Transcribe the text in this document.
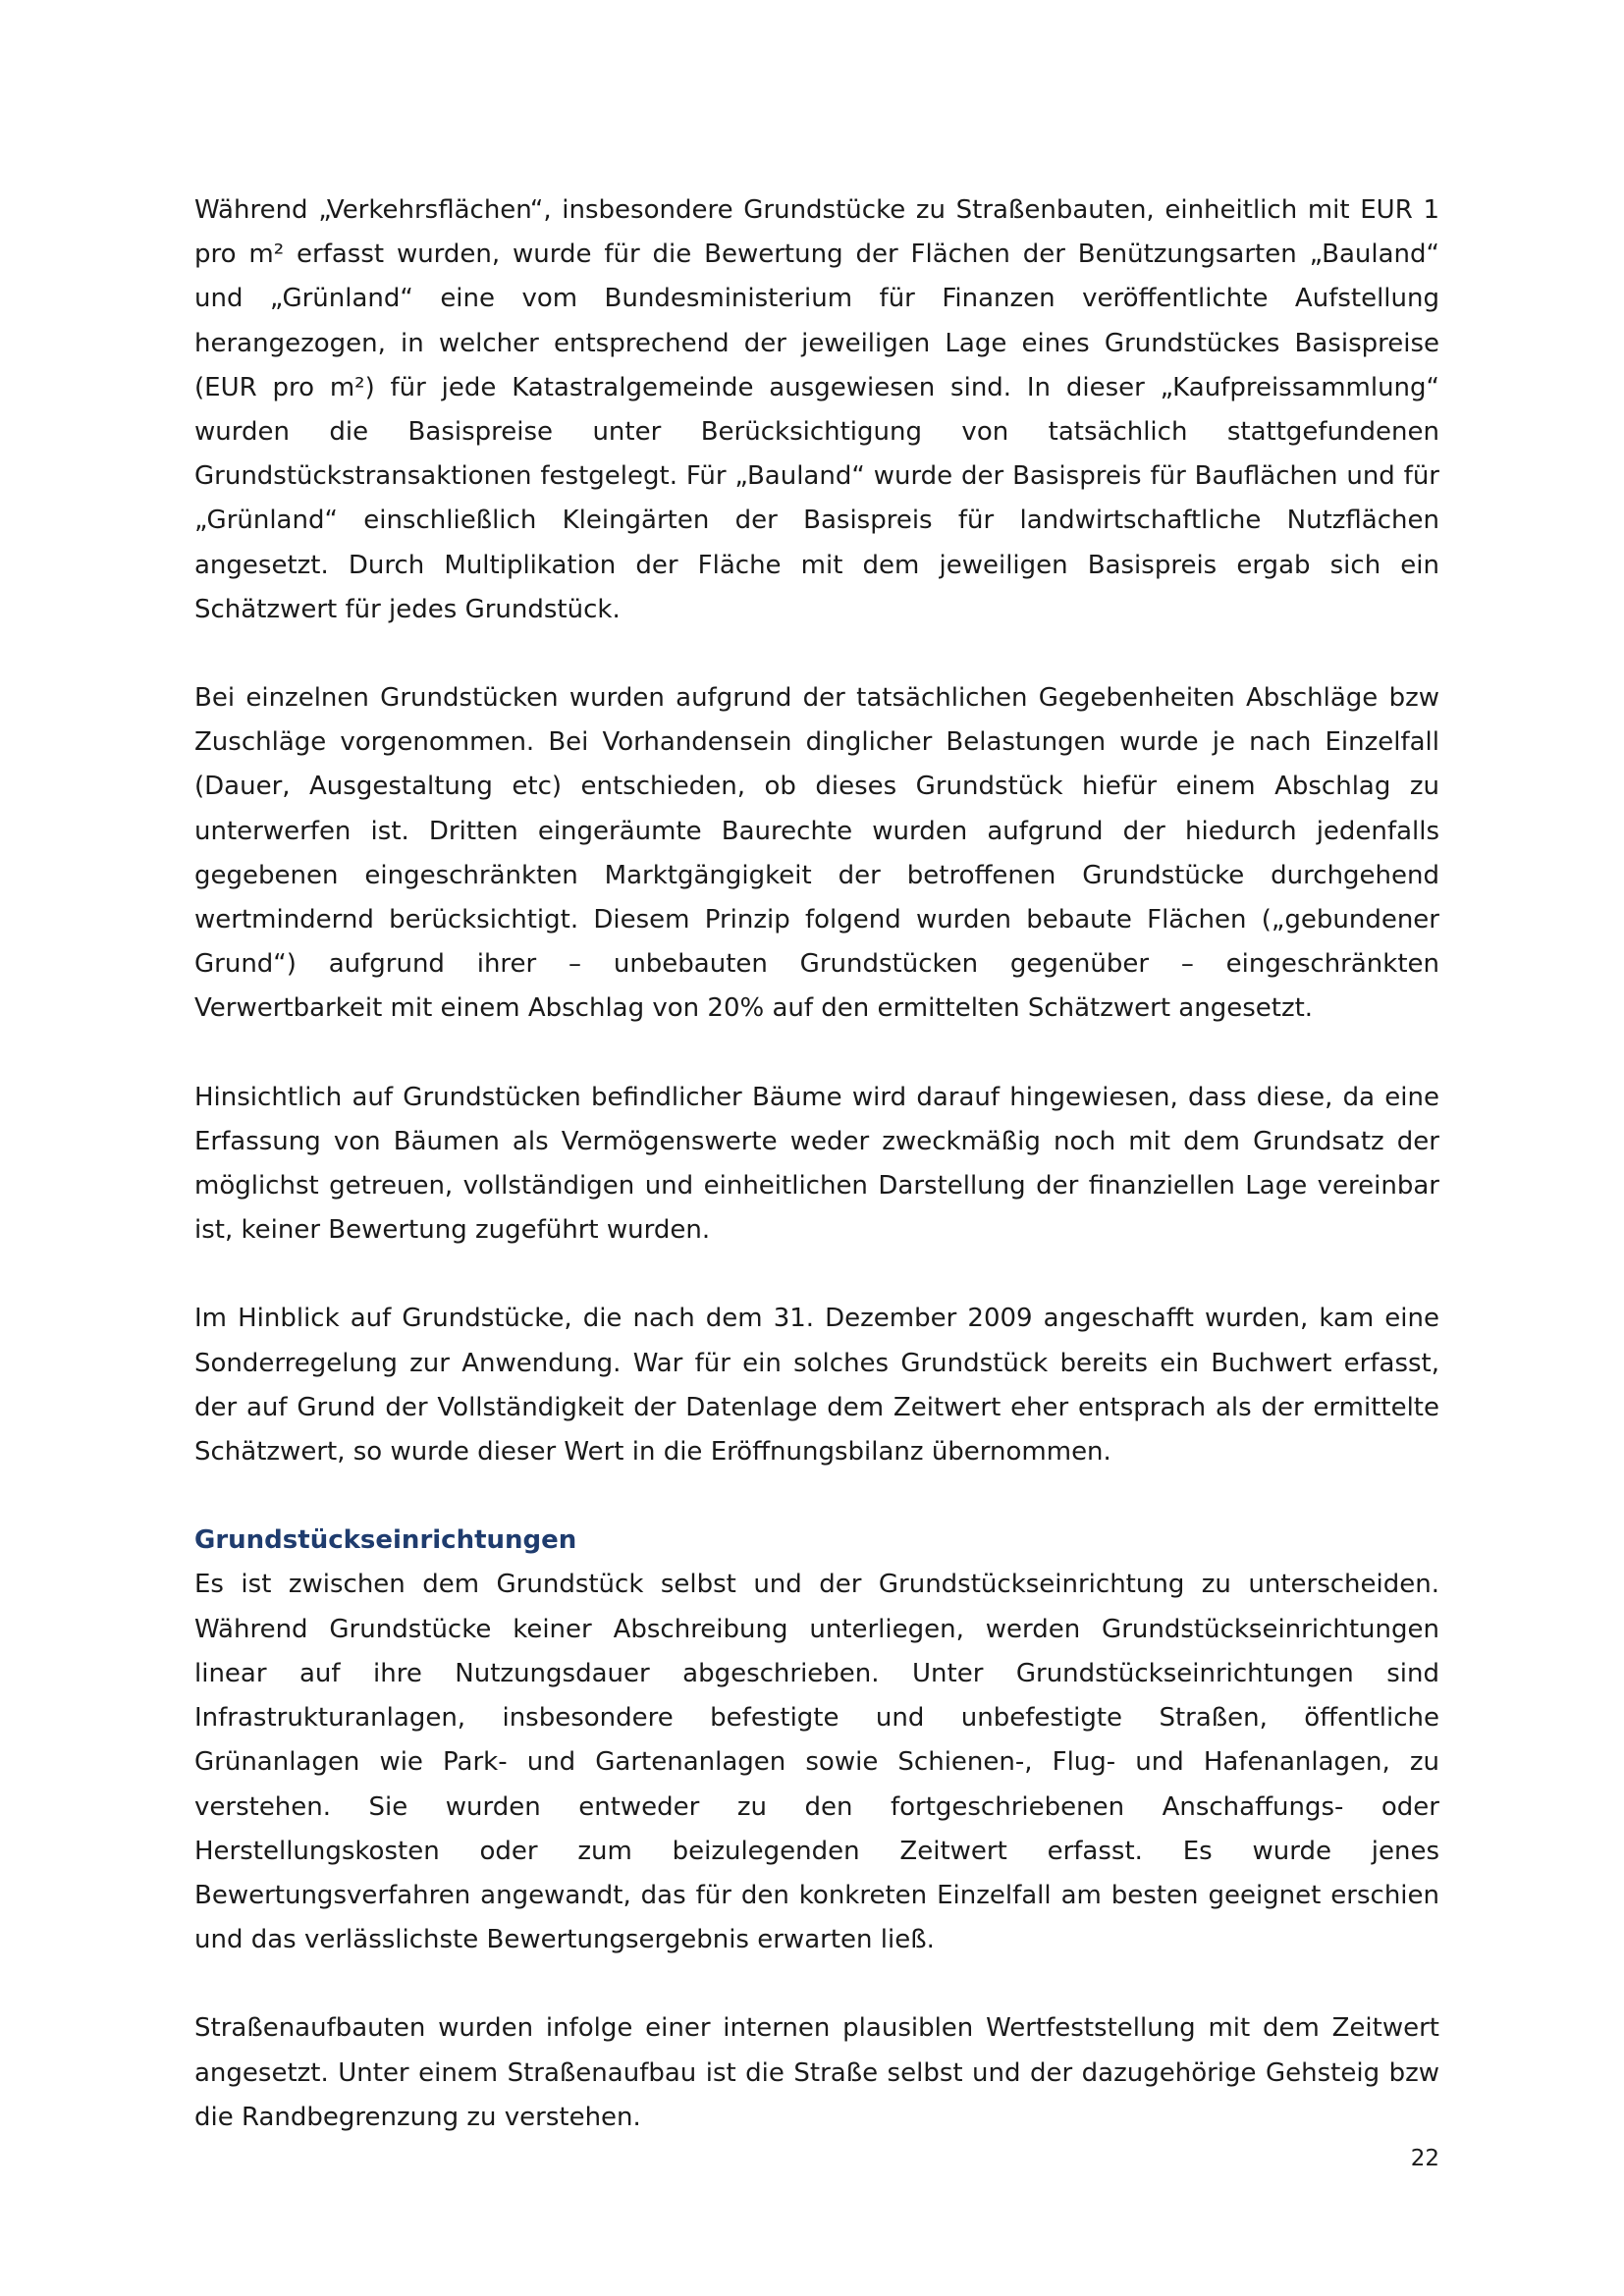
Während „Verkehrsflächen“, insbesondere Grundstücke zu Straßenbauten, einheitlich mit EUR 1 pro m² erfasst wurden, wurde für die Bewertung der Flächen der Benützungsarten „Bauland“ und „Grünland“ eine vom Bundesministerium für Finanzen veröffentlichte Aufstellung herangezogen, in welcher entsprechend der jeweiligen Lage eines Grundstückes Basispreise (EUR pro m²) für jede Katastralgemeinde ausgewiesen sind. In dieser „Kaufpreissammlung“ wurden die Basispreise unter Berücksichtigung von tatsächlich stattgefundenen Grundstückstransaktionen festgelegt. Für „Bauland“ wurde der Basispreis für Bauflächen und für „Grünland“ einschließlich Kleingärten der Basispreis für landwirtschaftliche Nutzflächen angesetzt. Durch Multiplikation der Fläche mit dem jeweiligen Basispreis ergab sich ein Schätzwert für jedes Grundstück.

Bei einzelnen Grundstücken wurden aufgrund der tatsächlichen Gegebenheiten Abschläge bzw Zuschläge vorgenommen. Bei Vorhandensein dinglicher Belastungen wurde je nach Einzelfall (Dauer, Ausgestaltung etc) entschieden, ob dieses Grundstück hiefür einem Abschlag zu unterwerfen ist. Dritten eingeräumte Baurechte wurden aufgrund der hiedurch jedenfalls gegebenen eingeschränkten Marktgängigkeit der betroffenen Grundstücke durchgehend wertmindernd berücksichtigt. Diesem Prinzip folgend wurden bebaute Flächen („gebundener Grund“) aufgrund ihrer – unbebauten Grundstücken gegenüber – eingeschränkten Verwertbarkeit mit einem Abschlag von 20% auf den ermittelten Schätzwert angesetzt.

Hinsichtlich auf Grundstücken befindlicher Bäume wird darauf hingewiesen, dass diese, da eine Erfassung von Bäumen als Vermögenswerte weder zweckmäßig noch mit dem Grundsatz der möglichst getreuen, vollständigen und einheitlichen Darstellung der finanziellen Lage vereinbar ist, keiner Bewertung zugeführt wurden.

Im Hinblick auf Grundstücke, die nach dem 31. Dezember 2009 angeschafft wurden, kam eine Sonderregelung zur Anwendung. War für ein solches Grundstück bereits ein Buchwert erfasst, der auf Grund der Vollständigkeit der Datenlage dem Zeitwert eher entsprach als der ermittelte Schätzwert, so wurde dieser Wert in die Eröffnungsbilanz übernommen.

Grundstückseinrichtungen

Es ist zwischen dem Grundstück selbst und der Grundstückseinrichtung zu unterscheiden. Während Grundstücke keiner Abschreibung unterliegen, werden Grundstückseinrichtungen linear auf ihre Nutzungsdauer abgeschrieben. Unter Grundstückseinrichtungen sind Infrastrukturanlagen, insbesondere befestigte und unbefestigte Straßen, öffentliche Grünanlagen wie Park- und Gartenanlagen sowie Schienen-, Flug- und Hafenanlagen, zu verstehen. Sie wurden entweder zu den fortgeschriebenen Anschaffungs- oder Herstellungskosten oder zum beizulegenden Zeitwert erfasst. Es wurde jenes Bewertungsverfahren angewandt, das für den konkreten Einzelfall am besten geeignet erschien und das verlässlichste Bewertungsergebnis erwarten ließ.

Straßenaufbauten wurden infolge einer internen plausiblen Wertfeststellung mit dem Zeitwert angesetzt. Unter einem Straßenaufbau ist die Straße selbst und der dazugehörige Gehsteig bzw die Randbegrenzung zu verstehen.

22
